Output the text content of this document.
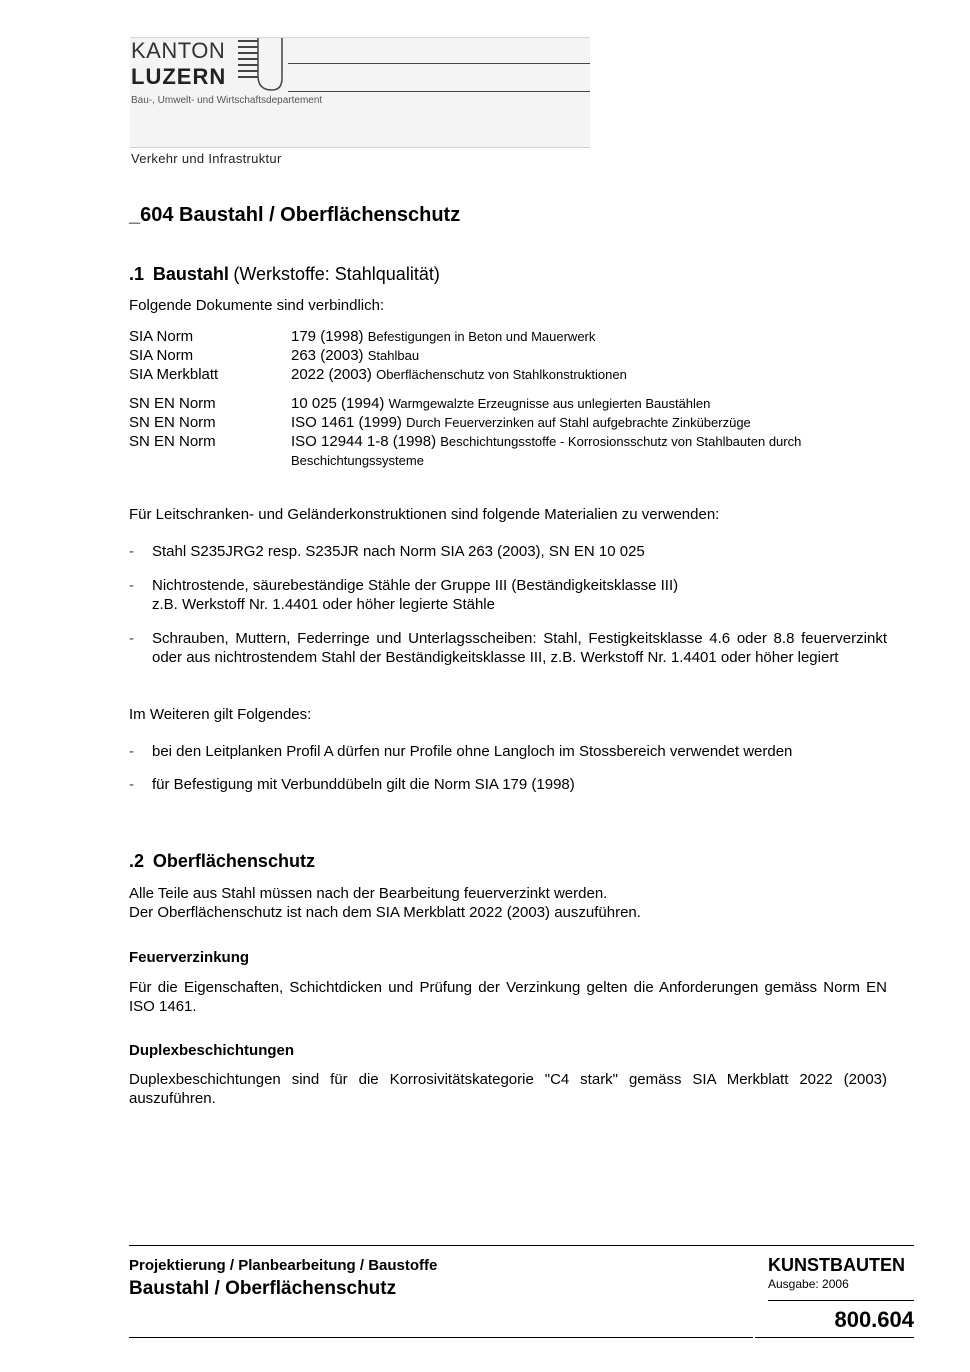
KANTON
LUZERN
Bau-, Umwelt- und Wirtschaftsdepartement
Verkehr und Infrastruktur
_604 Baustahl / Oberflächenschutz
.1 Baustahl (Werkstoffe: Stahlqualität)

Folgende Dokumente sind verbindlich:

SIA Norm	179 (1998) Befestigungen in Beton und Mauerwerk
SIA Norm	263 (2003) Stahlbau
SIA Merkblatt	2022 (2003) Oberflächenschutz von Stahlkonstruktionen
SN EN Norm	10 025 (1994) Warmgewalzte Erzeugnisse aus unlegierten Baustählen
SN EN Norm	ISO 1461 (1999) Durch Feuerverzinken auf Stahl aufgebrachte Zinküberzüge
SN EN Norm	ISO 12944 1-8 (1998) Beschichtungsstoffe - Korrosionsschutz von Stahlbauten durch Beschichtungssysteme

Für Leitschranken- und Geländerkonstruktionen sind folgende Materialien zu verwenden:

-	Stahl S235JRG2 resp. S235JR nach Norm SIA 263 (2003), SN EN 10 025
-	Nichtrostende, säurebeständige Stähle der Gruppe III (Beständigkeitsklasse III)
z.B. Werkstoff Nr. 1.4401 oder höher legierte Stähle
-	Schrauben, Muttern, Federringe und Unterlagsscheiben: Stahl, Festigkeitsklasse 4.6 oder 8.8 feuerverzinkt oder aus nichtrostendem Stahl der Beständigkeitsklasse III, z.B. Werkstoff Nr. 1.4401 oder höher legiert

Im Weiteren gilt Folgendes:

-	bei den Leitplanken Profil A dürfen nur Profile ohne Langloch im Stossbereich verwendet werden
-	für Befestigung mit Verbunddübeln gilt die Norm SIA 179 (1998)
.2 Oberflächenschutz

Alle Teile aus Stahl müssen nach der Bearbeitung feuerverzinkt werden.

Der Oberflächenschutz ist nach dem SIA Merkblatt 2022 (2003) auszuführen.

Feuerverzinkung

Für die Eigenschaften, Schichtdicken und Prüfung der Verzinkung gelten die Anforderungen gemäss Norm EN ISO 1461.

Duplexbeschichtungen

Duplexbeschichtungen sind für die Korrosivitätskategorie "C4 stark" gemäss SIA Merkblatt 2022 (2003) auszuführen.

Projektierung / Planbearbeitung / Baustoffe
Baustahl / Oberflächenschutz
KUNSTBAUTEN
Ausgabe: 2006
800.604
